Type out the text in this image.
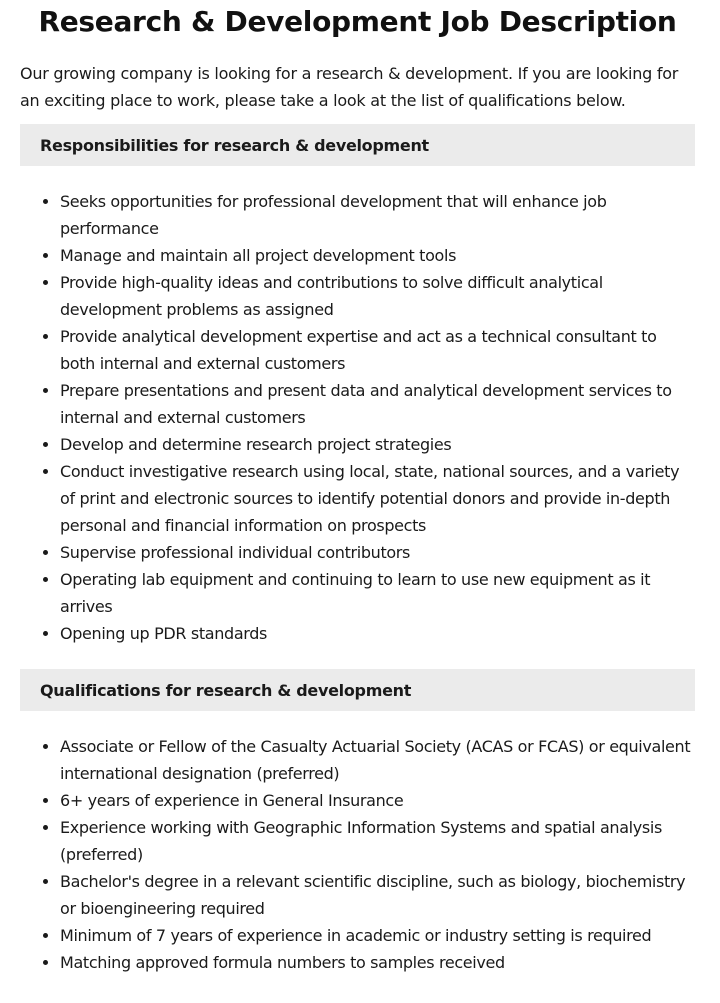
Research & Development Job Description

Our growing company is looking for a research & development. If you are looking for an exciting place to work, please take a look at the list of qualifications below.

Responsibilities for research & development
• Seeks opportunities for professional development that will enhance job performance
• Manage and maintain all project development tools
• Provide high-quality ideas and contributions to solve difficult analytical development problems as assigned
• Provide analytical development expertise and act as a technical consultant to both internal and external customers
• Prepare presentations and present data and analytical development services to internal and external customers
• Develop and determine research project strategies
• Conduct investigative research using local, state, national sources, and a variety of print and electronic sources to identify potential donors and provide in-depth personal and financial information on prospects
• Supervise professional individual contributors
• Operating lab equipment and continuing to learn to use new equipment as it arrives
• Opening up PDR standards
Qualifications for research & development
• Associate or Fellow of the Casualty Actuarial Society (ACAS or FCAS) or equivalent international designation (preferred)
• 6+ years of experience in General Insurance
• Experience working with Geographic Information Systems and spatial analysis (preferred)
• Bachelor's degree in a relevant scientific discipline, such as biology, biochemistry or bioengineering required
• Minimum of 7 years of experience in academic or industry setting is required
• Matching approved formula numbers to samples received
